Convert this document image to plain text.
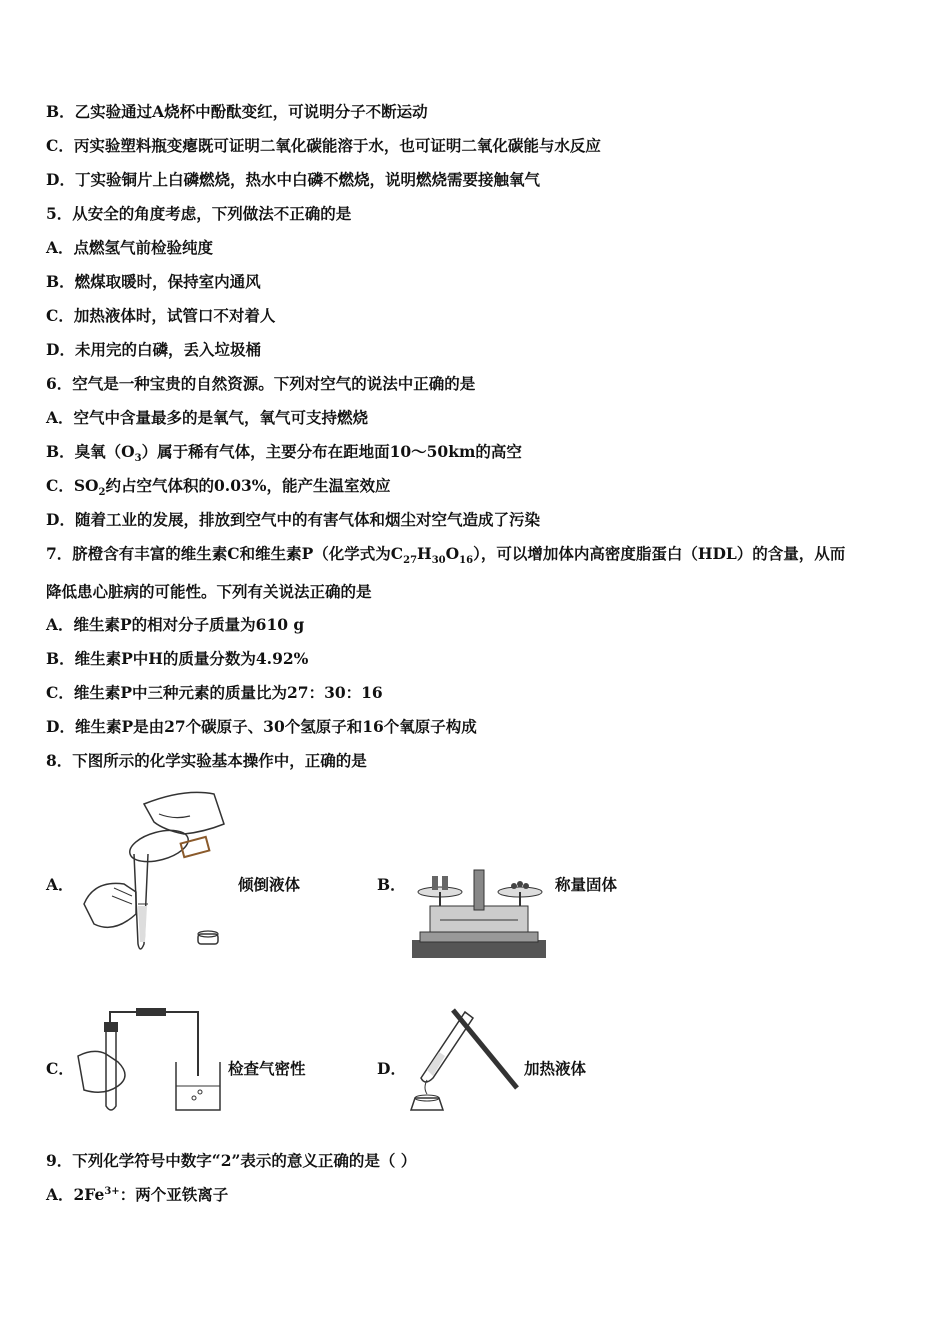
B．乙实验通过A烧杯中酚酞变红，可说明分子不断运动
C．丙实验塑料瓶变瘪既可证明二氧化碳能溶于水，也可证明二氧化碳能与水反应
D．丁实验铜片上白磷燃烧，热水中白磷不燃烧，说明燃烧需要接触氧气
5．从安全的角度考虑，下列做法不正确的是
A．点燃氢气前检验纯度
B．燃煤取暖时，保持室内通风
C．加热液体时，试管口不对着人
D．未用完的白磷，丢入垃圾桶
6．空气是一种宝贵的自然资源。下列对空气的说法中正确的是
A．空气中含量最多的是氧气，氧气可支持燃烧
B．臭氧$(O_3)$属于稀有气体，主要分布在距地面10～50km的高空
C．$SO_2$约占空气体积的0.03%，能产生温室效应
D．随着工业的发展，排放到空气中的有害气体和烟尘对空气造成了污染
7．脐橙含有丰富的维生素C和维生素P（化学式为$C_{27}H_{30}O_{16}$），可以增加体内高密度脂蛋白（HDL）的含量，从而
降低患心脏病的可能性。下列有关说法正确的是
A．维生素P的相对分子质量为610 g
B．维生素P中H的质量分数为4.92%
C．维生素P中三种元素的质量比为27：30：16
D．维生素P是由27个碳原子、30个氢原子和16个氧原子构成
8．下图所示的化学实验基本操作中，正确的是
A．	倾倒液体	B．	称量固体
C．	检查气密性	D．	加热液体
9．下列化学符号中数字“2”表示的意义正确的是（ ）
A．$2Fe^{3+}$：两个亚铁离子
